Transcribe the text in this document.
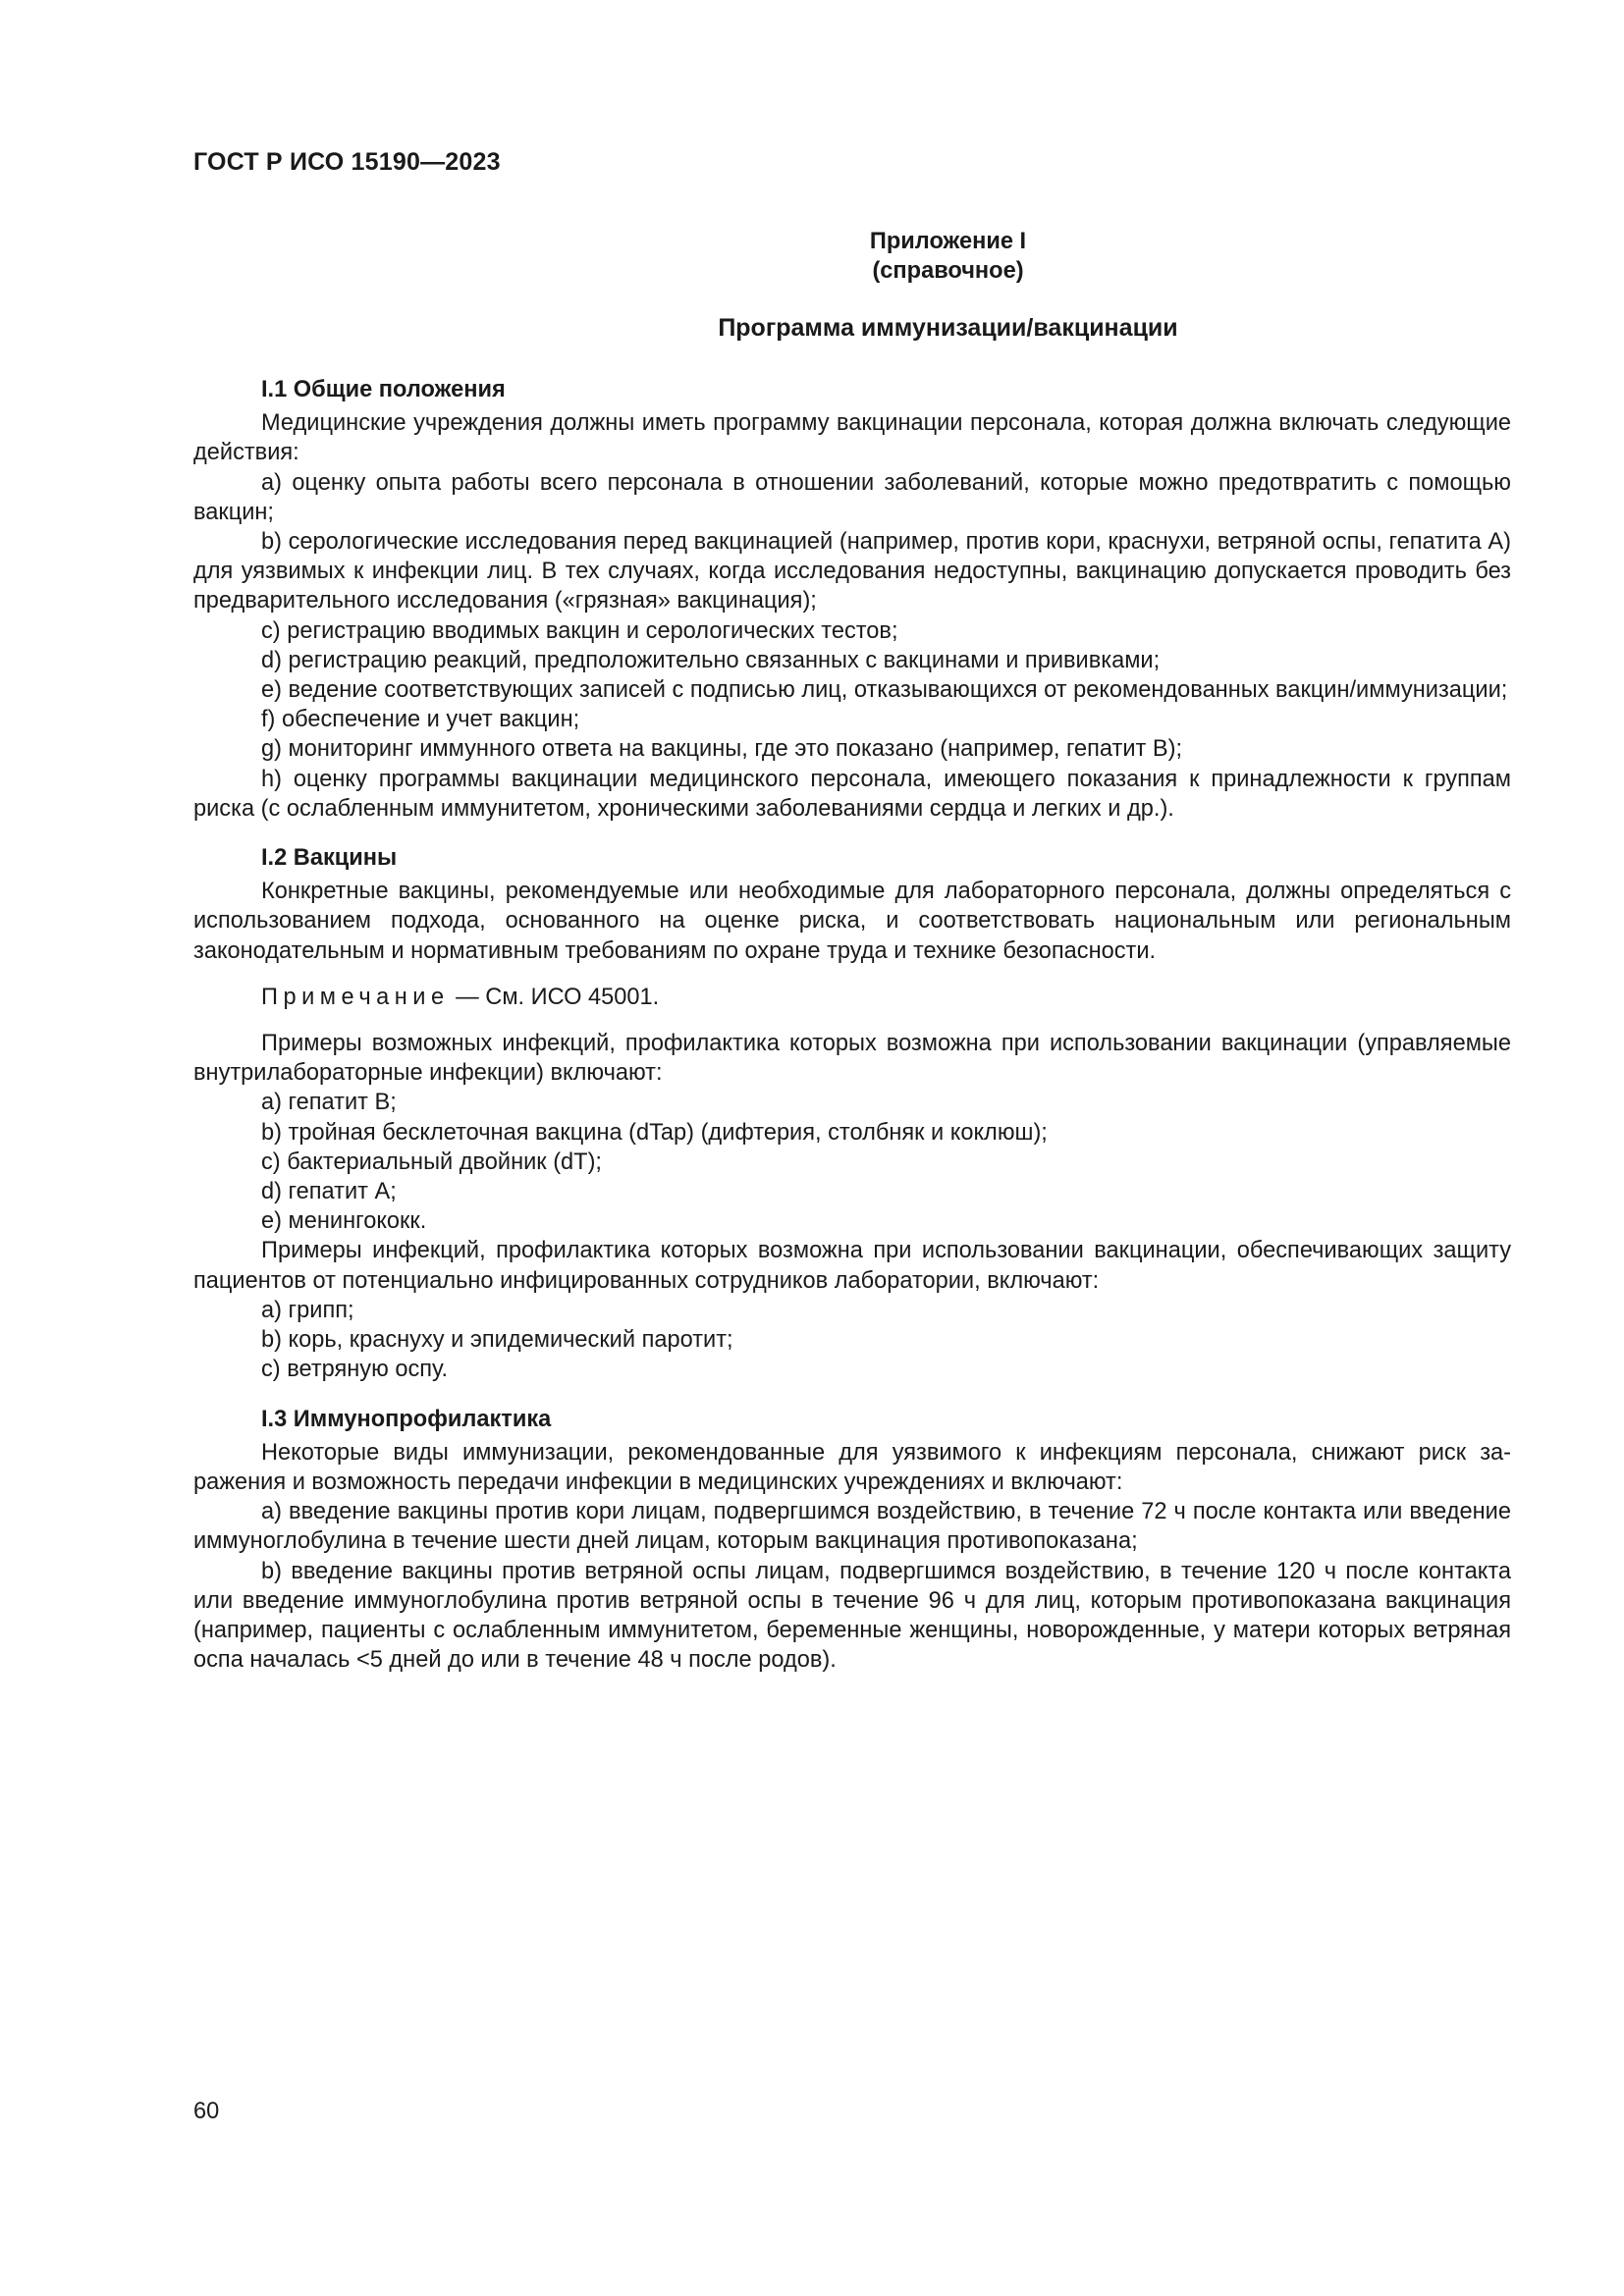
ГОСТ Р ИСО 15190—2023
Приложение I
(справочное)
Программа иммунизации/вакцинации
I.1 Общие положения

Медицинские учреждения должны иметь программу вакцинации персонала, которая должна включать следующие действия:

a) оценку опыта работы всего персонала в отношении заболеваний, которые можно предотвратить с помощью вакцин;
b) серологические исследования перед вакцинацией (например, против кори, краснухи, ветряной оспы, гепатита А) для уязвимых к инфекции лиц. В тех случаях, когда исследования недоступны, вакцинацию допускается проводить без предварительного исследования («грязная» вакцинация);
c) регистрацию вводимых вакцин и серологических тестов;
d) регистрацию реакций, предположительно связанных с вакцинами и прививками;
e) ведение соответствующих записей с подписью лиц, отказывающихся от рекомендованных вакцин/иммунизации;
f) обеспечение и учет вакцин;
g) мониторинг иммунного ответа на вакцины, где это показано (например, гепатит В);
h) оценку программы вакцинации медицинского персонала, имеющего показания к принадлежности к группам риска (с ослабленным иммунитетом, хроническими заболеваниями сердца и легких и др.).
I.2 Вакцины

Конкретные вакцины, рекомендуемые или необходимые для лабораторного персонала, должны определяться с использованием подхода, основанного на оценке риска, и соответствовать национальным или региональным законодательным и нормативным требованиям по охране труда и технике безопасности.

Примечание — См. ИСО 45001.

Примеры возможных инфекций, профилактика которых возможна при использовании вакцинации (управляемые внутрилабораторные инфекции) включают:

a) гепатит В;
b) тройная бесклеточная вакцина (dTap) (дифтерия, столбняк и коклюш);
c) бактериальный двойник (dT);
d) гепатит А;
e) менингококк.

Примеры инфекций, профилактика которых возможна при использовании вакцинации, обеспечивающих защиту пациентов от потенциально инфицированных сотрудников лаборатории, включают:

a) грипп;
b) корь, краснуху и эпидемический паротит;
c) ветряную оспу.
I.3 Иммунопрофилактика

Некоторые виды иммунизации, рекомендованные для уязвимого к инфекциям персонала, снижают риск заражения и возможность передачи инфекции в медицинских учреждениях и включают:

a) введение вакцины против кори лицам, подвергшимся воздействию, в течение 72 ч после контакта или введение иммуноглобулина в течение шести дней лицам, которым вакцинация противопоказана;
b) введение вакцины против ветряной оспы лицам, подвергшимся воздействию, в течение 120 ч после контакта или введение иммуноглобулина против ветряной оспы в течение 96 ч для лиц, которым противопоказана вакцинация (например, пациенты с ослабленным иммунитетом, беременные женщины, новорожденные, у матери которых ветряная оспа началась <5 дней до или в течение 48 ч после родов).
60
